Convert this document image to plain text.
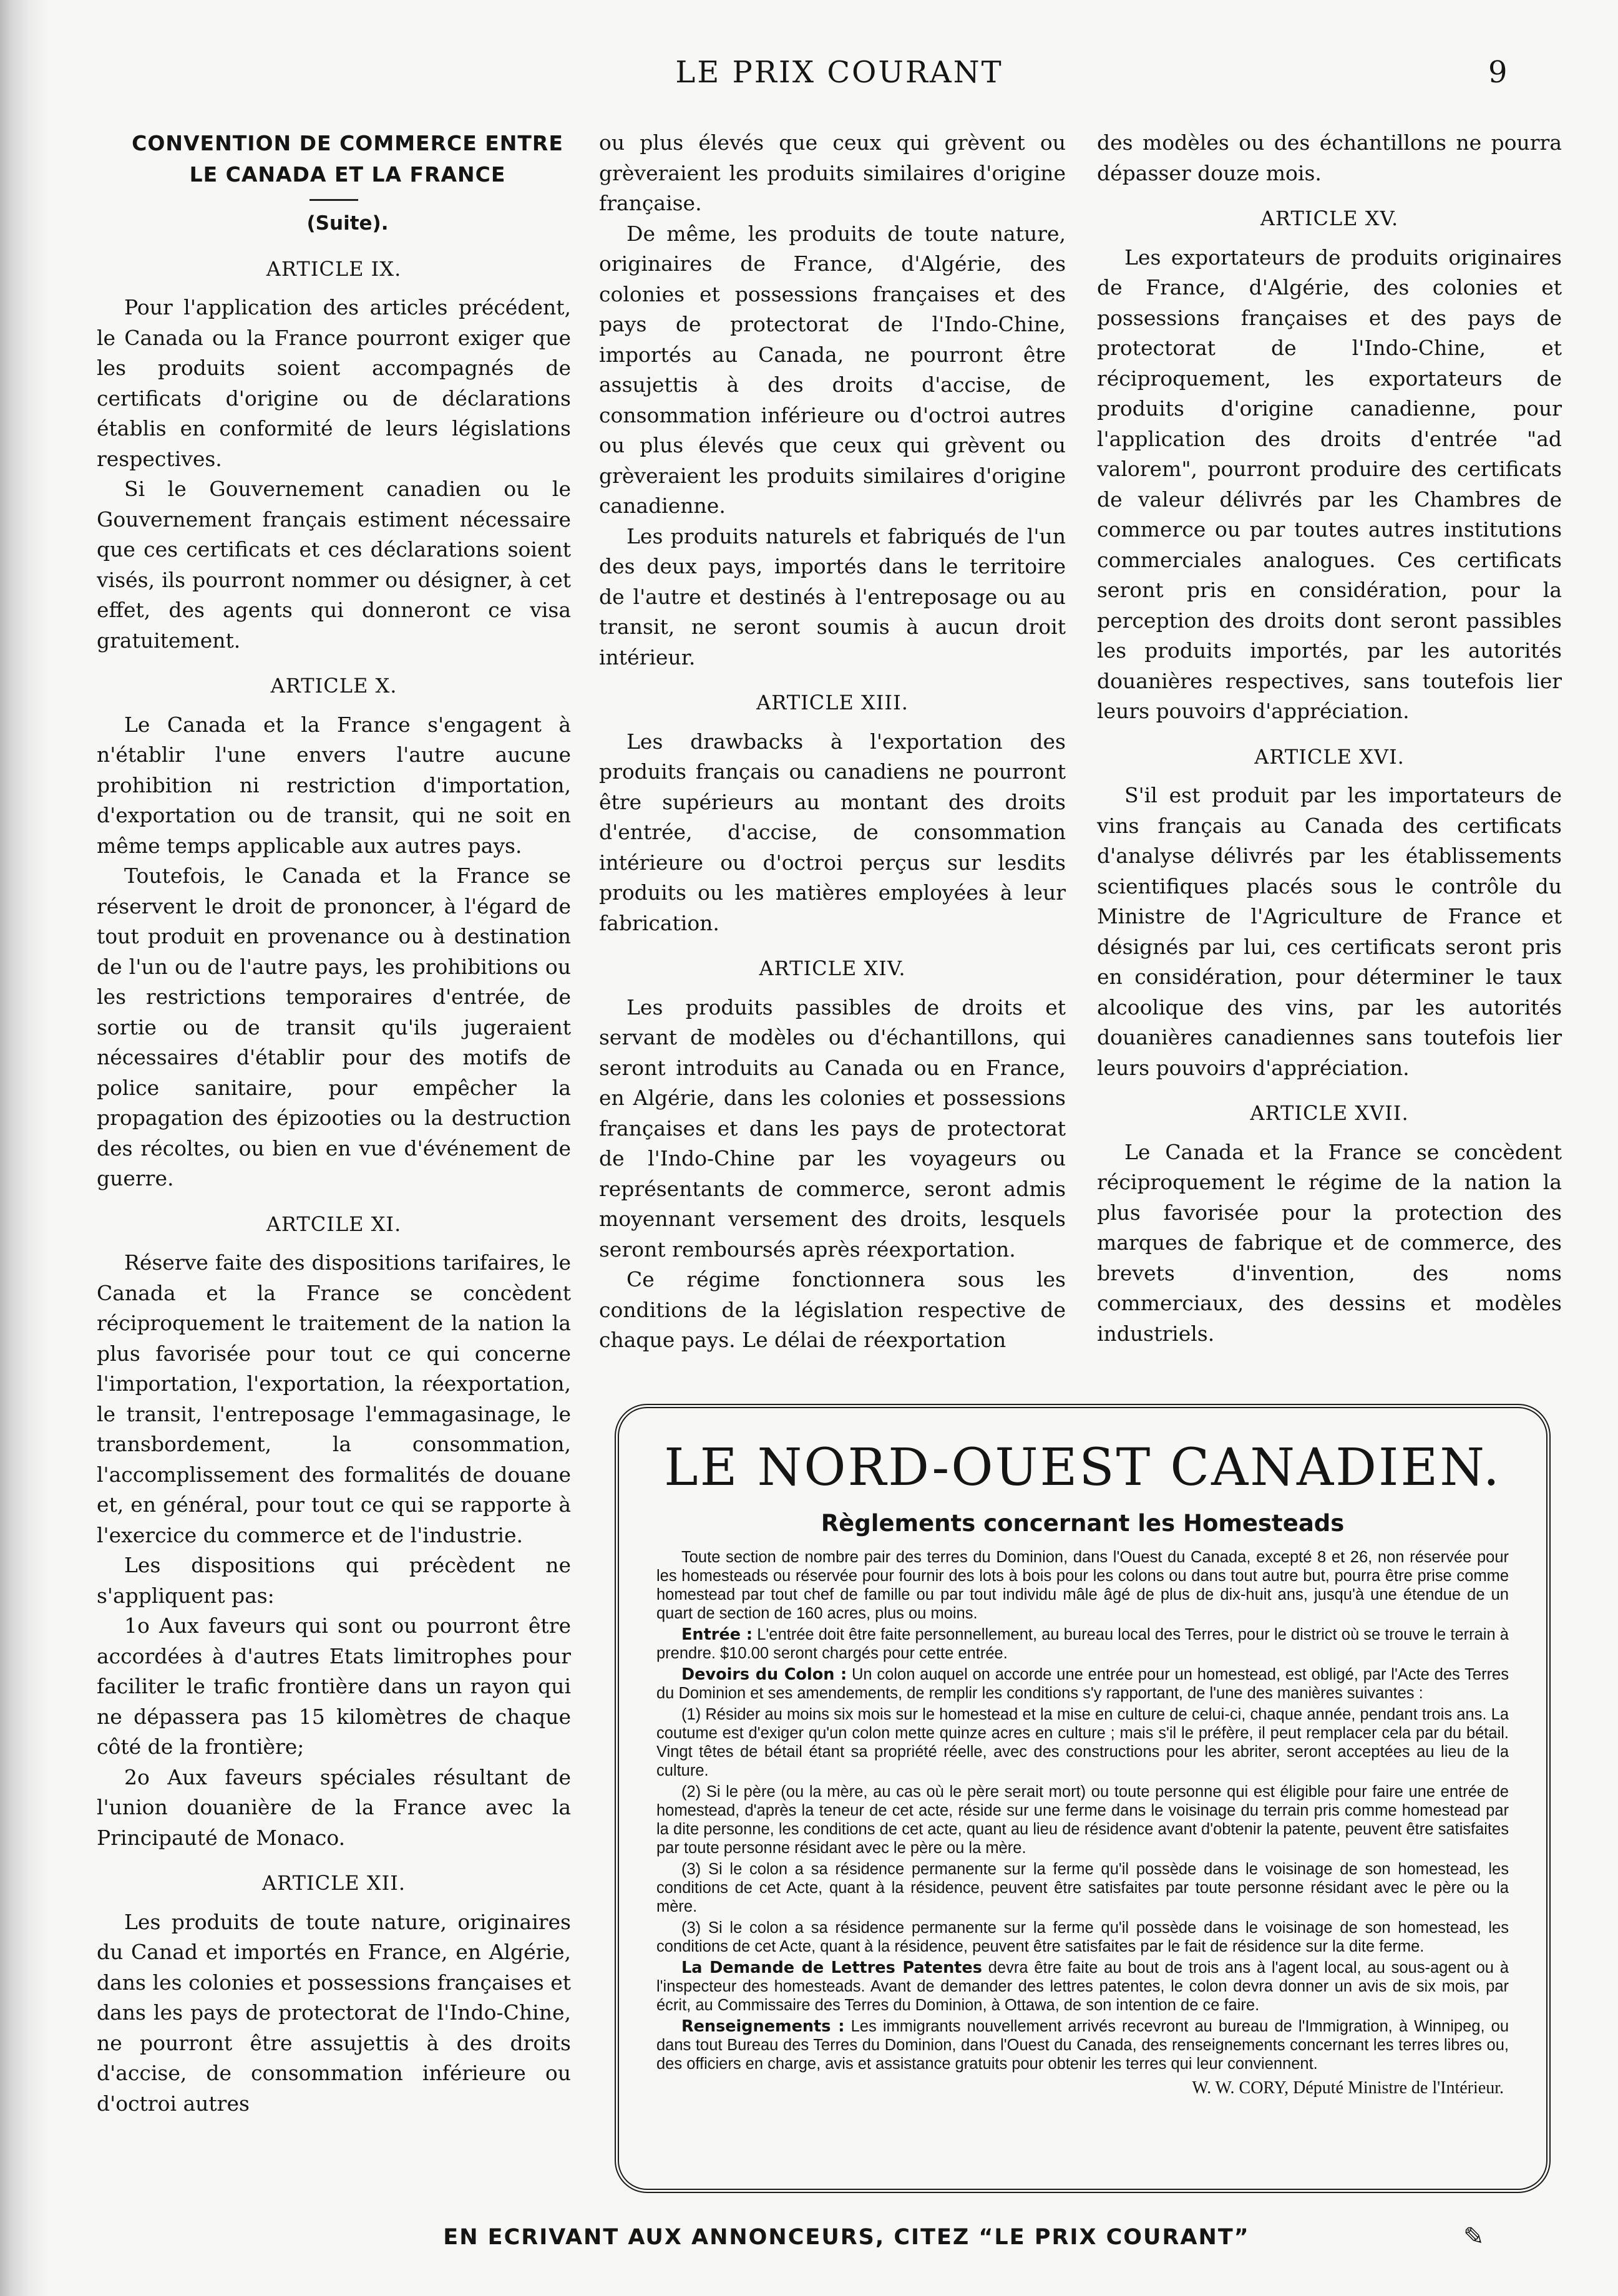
LE PRIX COURANT	9

CONVENTION DE COMMERCE ENTRE

LE CANADA ET LA FRANCE

(Suite).

ARTICLE IX.

Pour l'application des articles précédent, le Canada ou la France pourront exiger que les produits soient accompagnés de certificats d'origine ou de déclarations établis en conformité de leurs législations respectives.

Si le Gouvernement canadien ou le Gouvernement français estiment nécessaire que ces certificats et ces déclarations soient visés, ils pourront nommer ou désigner, à cet effet, des agents qui donneront ce visa gratuitement.

ARTICLE X.

Le Canada et la France s'engagent à n'établir l'une envers l'autre aucune prohibition ni restriction d'importation, d'exportation ou de transit, qui ne soit en même temps applicable aux autres pays.

Toutefois, le Canada et la France se réservent le droit de prononcer, à l'égard de tout produit en provenance ou à destination de l'un ou de l'autre pays, les prohibitions ou les restrictions temporaires d'entrée, de sortie ou de transit qu'ils jugeraient nécessaires d'établir pour des motifs de police sanitaire, pour empêcher la propagation des épizooties ou la destruction des récoltes, ou bien en vue d'événement de guerre.

ARTCILE XI.

Réserve faite des dispositions tarifaires, le Canada et la France se concèdent réciproquement le traitement de la nation la plus favorisée pour tout ce qui concerne l'importation, l'exportation, la réexportation, le transit, l'entreposage l'emmagasinage, le transbordement, la consommation, l'accomplissement des formalités de douane et, en général, pour tout ce qui se rapporte à l'exercice du commerce et de l'industrie.

Les dispositions qui précèdent ne s'appliquent pas:

1o Aux faveurs qui sont ou pourront être accordées à d'autres Etats limitrophes pour faciliter le trafic frontière dans un rayon qui ne dépassera pas 15 kilomètres de chaque côté de la frontière;

2o Aux faveurs spéciales résultant de l'union douanière de la France avec la Principauté de Monaco.

ARTICLE XII.

Les produits de toute nature, originaires du Canad et importés en France, en Algérie, dans les colonies et possessions françaises et dans les pays de protectorat de l'Indo-Chine, ne pourront être assujettis à des droits d'accise, de consommation inférieure ou d'octroi autres

ou plus élevés que ceux qui grèvent ou grèveraient les produits similaires d'origine française.

De même, les produits de toute nature, originaires de France, d'Algérie, des colonies et possessions françaises et des pays de protectorat de l'Indo-Chine, importés au Canada, ne pourront être assujettis à des droits d'accise, de consommation inférieure ou d'octroi autres ou plus élevés que ceux qui grèvent ou grèveraient les produits similaires d'origine canadienne.

Les produits naturels et fabriqués de l'un des deux pays, importés dans le territoire de l'autre et destinés à l'entreposage ou au transit, ne seront soumis à aucun droit intérieur.

ARTICLE XIII.

Les drawbacks à l'exportation des produits français ou canadiens ne pourront être supérieurs au montant des droits d'entrée, d'accise, de consommation intérieure ou d'octroi perçus sur lesdits produits ou les matières employées à leur fabrication.

ARTICLE XIV.

Les produits passibles de droits et servant de modèles ou d'échantillons, qui seront introduits au Canada ou en France, en Algérie, dans les colonies et possessions françaises et dans les pays de protectorat de l'Indo-Chine par les voyageurs ou représentants de commerce, seront admis moyennant versement des droits, lesquels seront remboursés après réexportation.

Ce régime fonctionnera sous les conditions de la législation respective de chaque pays. Le délai de réexportation

des modèles ou des échantillons ne pourra dépasser douze mois.

ARTICLE XV.

Les exportateurs de produits originaires de France, d'Algérie, des colonies et possessions françaises et des pays de protectorat de l'Indo-Chine, et réciproquement, les exportateurs de produits d'origine canadienne, pour l'application des droits d'entrée "ad valorem", pourront produire des certificats de valeur délivrés par les Chambres de commerce ou par toutes autres institutions commerciales analogues. Ces certificats seront pris en considération, pour la perception des droits dont seront passibles les produits importés, par les autorités douanières respectives, sans toutefois lier leurs pouvoirs d'appréciation.

ARTICLE XVI.

S'il est produit par les importateurs de vins français au Canada des certificats d'analyse délivrés par les établissements scientifiques placés sous le contrôle du Ministre de l'Agriculture de France et désignés par lui, ces certificats seront pris en considération, pour déterminer le taux alcoolique des vins, par les autorités douanières canadiennes sans toutefois lier leurs pouvoirs d'appréciation.

ARTICLE XVII.

Le Canada et la France se concèdent réciproquement le régime de la nation la plus favorisée pour la protection des marques de fabrique et de commerce, des brevets d'invention, des noms commerciaux, des dessins et modèles industriels.

LE NORD-OUEST CANADIEN.
Règlements concernant les Homesteads

Toute section de nombre pair des terres du Dominion, dans l'Ouest du Canada, excepté 8 et 26, non réservée pour les homesteads ou réservée pour fournir des lots à bois pour les colons ou dans tout autre but, pourra être prise comme homestead par tout chef de famille ou par tout individu mâle âgé de plus de dix-huit ans, jusqu'à une étendue de un quart de section de 160 acres, plus ou moins.

Entrée : L'entrée doit être faite personnellement, au bureau local des Terres, pour le district où se trouve le terrain à prendre. $10.00 seront chargés pour cette entrée.

Devoirs du Colon : Un colon auquel on accorde une entrée pour un homestead, est obligé, par l'Acte des Terres du Dominion et ses amendements, de remplir les conditions s'y rapportant, de l'une des manières suivantes :

(1) Résider au moins six mois sur le homestead et la mise en culture de celui-ci, chaque année, pendant trois ans. La coutume est d'exiger qu'un colon mette quinze acres en culture ; mais s'il le préfère, il peut remplacer cela par du bétail. Vingt têtes de bétail étant sa propriété réelle, avec des constructions pour les abriter, seront acceptées au lieu de la culture.

(2) Si le père (ou la mère, au cas où le père serait mort) ou toute personne qui est éligible pour faire une entrée de homestead, d'après la teneur de cet acte, réside sur une ferme dans le voisinage du terrain pris comme homestead par la dite personne, les conditions de cet acte, quant au lieu de résidence avant d'obtenir la patente, peuvent être satisfaites par toute personne résidant avec le père ou la mère.

(3) Si le colon a sa résidence permanente sur la ferme qu'il possède dans le voisinage de son homestead, les conditions de cet Acte, quant à la résidence, peuvent être satisfaites par toute personne résidant avec le père ou la mère.

(3) Si le colon a sa résidence permanente sur la ferme qu'il possède dans le voisinage de son homestead, les conditions de cet Acte, quant à la résidence, peuvent être satisfaites par le fait de résidence sur la dite ferme.

La Demande de Lettres Patentes devra être faite au bout de trois ans à l'agent local, au sous-agent ou à l'inspecteur des homesteads. Avant de demander des lettres patentes, le colon devra donner un avis de six mois, par écrit, au Commissaire des Terres du Dominion, à Ottawa, de son intention de ce faire.

Renseignements : Les immigrants nouvellement arrivés recevront au bureau de l'Immigration, à Winnipeg, ou dans tout Bureau des Terres du Dominion, dans l'Ouest du Canada, des renseignements concernant les terres libres ou, des officiers en charge, avis et assistance gratuits pour obtenir les terres qui leur conviennent.

W. W. CORY, Député Ministre de l'Intérieur.
EN ECRIVANT AUX ANNONCEURS, CITEZ “LE PRIX COURANT”	✎
